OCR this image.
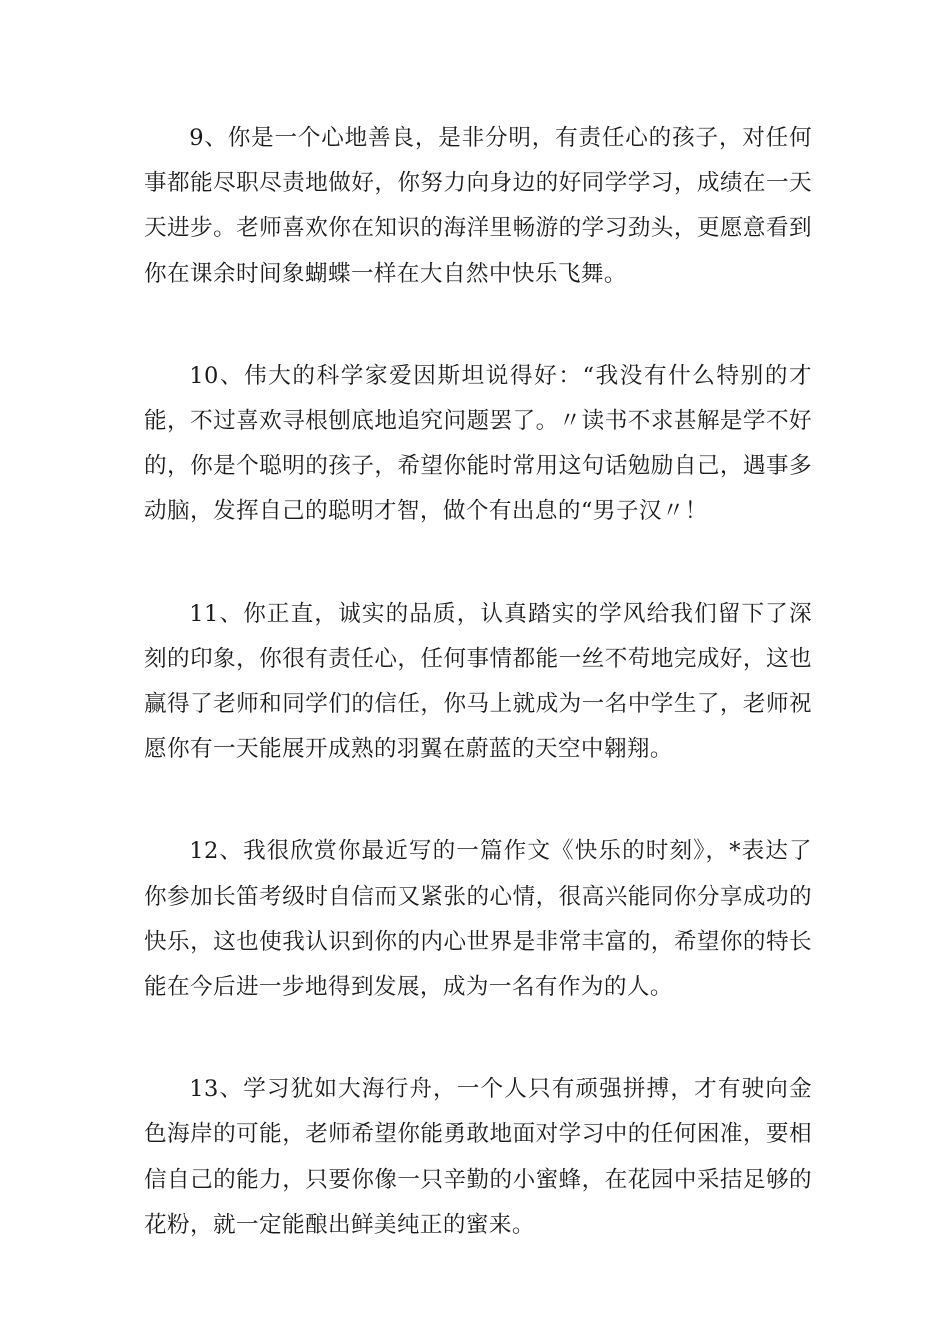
9、你是一个心地善良，是非分明，有责任心的孩子，对任何事都能尽职尽责地做好，你努力向身边的好同学学习，成绩在一天天进步。老师喜欢你在知识的海洋里畅游的学习劲头，更愿意看到你在课余时间象蝴蝶一样在大自然中快乐飞舞。

10、伟大的科学家爱因斯坦说得好：“我没有什么特别的才能，不过喜欢寻根刨底地追究问题罢了。〃读书不求甚解是学不好的，你是个聪明的孩子，希望你能时常用这句话勉励自己，遇事多动脑，发挥自己的聪明才智，做个有出息的“男子汉〃！

11、你正直，诚实的品质，认真踏实的学风给我们留下了深刻的印象，你很有责任心，任何事情都能一丝不苟地完成好，这也赢得了老师和同学们的信任，你马上就成为一名中学生了，老师祝愿你有一天能展开成熟的羽翼在蔚蓝的天空中翱翔。

12、我很欣赏你最近写的一篇作文《快乐的时刻》，*表达了你参加长笛考级时自信而又紧张的心情，很高兴能同你分享成功的快乐，这也使我认识到你的内心世界是非常丰富的，希望你的特长能在今后进一步地得到发展，成为一名有作为的人。

13、学习犹如大海行舟，一个人只有顽强拼搏，才有驶向金色海岸的可能，老师希望你能勇敢地面对学习中的任何困准，要相信自己的能力，只要你像一只辛勤的小蜜蜂，在花园中采拮足够的花粉，就一定能酿出鲜美纯正的蜜来。
